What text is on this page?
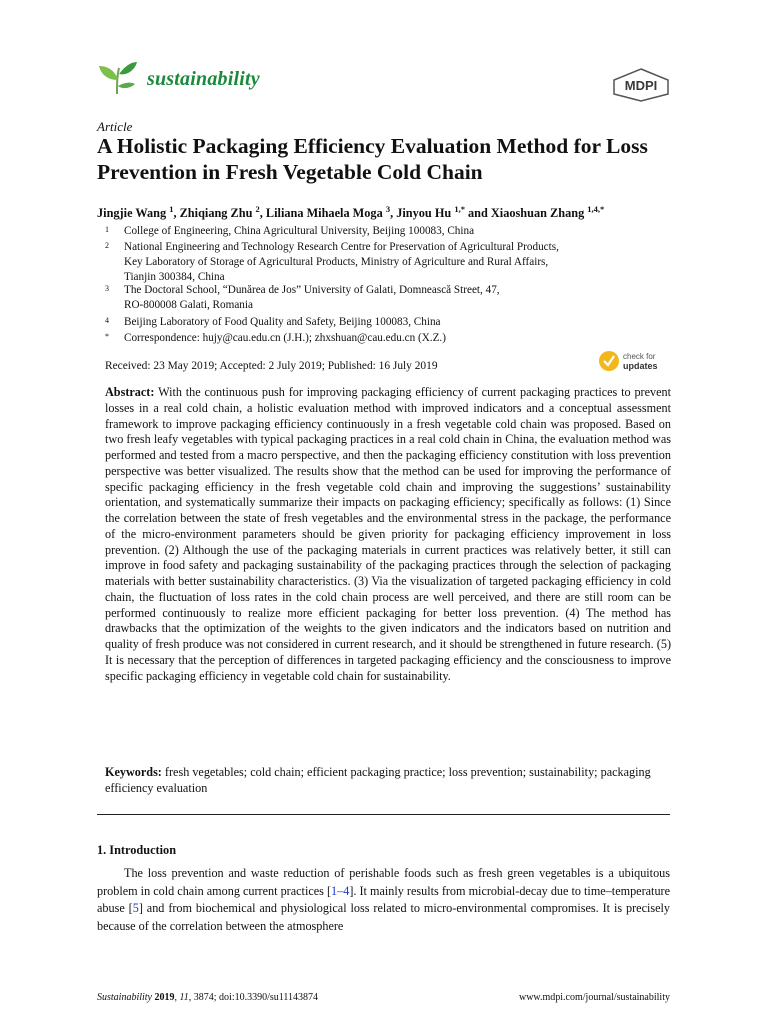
sustainability	MDPI
Article
A Holistic Packaging Efficiency Evaluation Method for Loss Prevention in Fresh Vegetable Cold Chain
Jingjie Wang $^1$, Zhiqiang Zhu $^2$, Liliana Mihaela Moga $^3$, Jinyou Hu $^{1,*}$ and Xiaoshuan Zhang $^{1,4,*}$
1	College of Engineering, China Agricultural University, Beijing 100083, China
2	National Engineering and Technology Research Centre for Preservation of Agricultural Products,
Key Laboratory of Storage of Agricultural Products, Ministry of Agriculture and Rural Affairs,
Tianjin 300384, China
3	The Doctoral School, “Dunărea de Jos” University of Galati, Domnească Street, 47,
RO-800008 Galati, Romania
4	Beijing Laboratory of Food Quality and Safety, Beijing 100083, China
*	Correspondence: hujy@cau.edu.cn (J.H.); zhxshuan@cau.edu.cn (X.Z.)
Received: 23 May 2019; Accepted: 2 July 2019; Published: 16 July 2019
check for
updates
Abstract: With the continuous push for improving packaging efficiency of current packaging practices to prevent losses in a real cold chain, a holistic evaluation method with improved indicators and a conceptual assessment framework to improve packaging efficiency continuously in a fresh vegetable cold chain was proposed. Based on two fresh leafy vegetables with typical packaging practices in a real cold chain in China, the evaluation method was performed and tested from a macro perspective, and then the packaging efficiency constitution with loss prevention perspective was better visualized. The results show that the method can be used for improving the performance of specific packaging efficiency in the fresh vegetable cold chain and improving the suggestions’ sustainability orientation, and systematically summarize their impacts on packaging efficiency; specifically as follows: (1) Since the correlation between the state of fresh vegetables and the environmental stress in the package, the performance of the micro-environment parameters should be given priority for packaging efficiency improvement in loss prevention. (2) Although the use of the packaging materials in current practices was relatively better, it still can improve in food safety and packaging sustainability of the packaging practices through the selection of packaging materials with better sustainability characteristics. (3) Via the visualization of targeted packaging efficiency in cold chain, the fluctuation of loss rates in the cold chain process are well perceived, and there are still room can be performed continuously to realize more efficient packaging for better loss prevention. (4) The method has drawbacks that the optimization of the weights to the given indicators and the indicators based on nutrition and quality of fresh produce was not considered in current research, and it should be strengthened in future research. (5) It is necessary that the perception of differences in targeted packaging efficiency and the consciousness to improve specific packaging efficiency in vegetable cold chain for sustainability.
Keywords: fresh vegetables; cold chain; efficient packaging practice; loss prevention; sustainability; packaging efficiency evaluation
1. Introduction
The loss prevention and waste reduction of perishable foods such as fresh green vegetables is a ubiquitous problem in cold chain among current practices [1–4]. It mainly results from microbial-decay due to time–temperature abuse [5] and from biochemical and physiological loss related to micro-environmental compromises. It is precisely because of the correlation between the atmosphere
Sustainability 2019, 11, 3874; doi:10.3390/su11143874	www.mdpi.com/journal/sustainability
